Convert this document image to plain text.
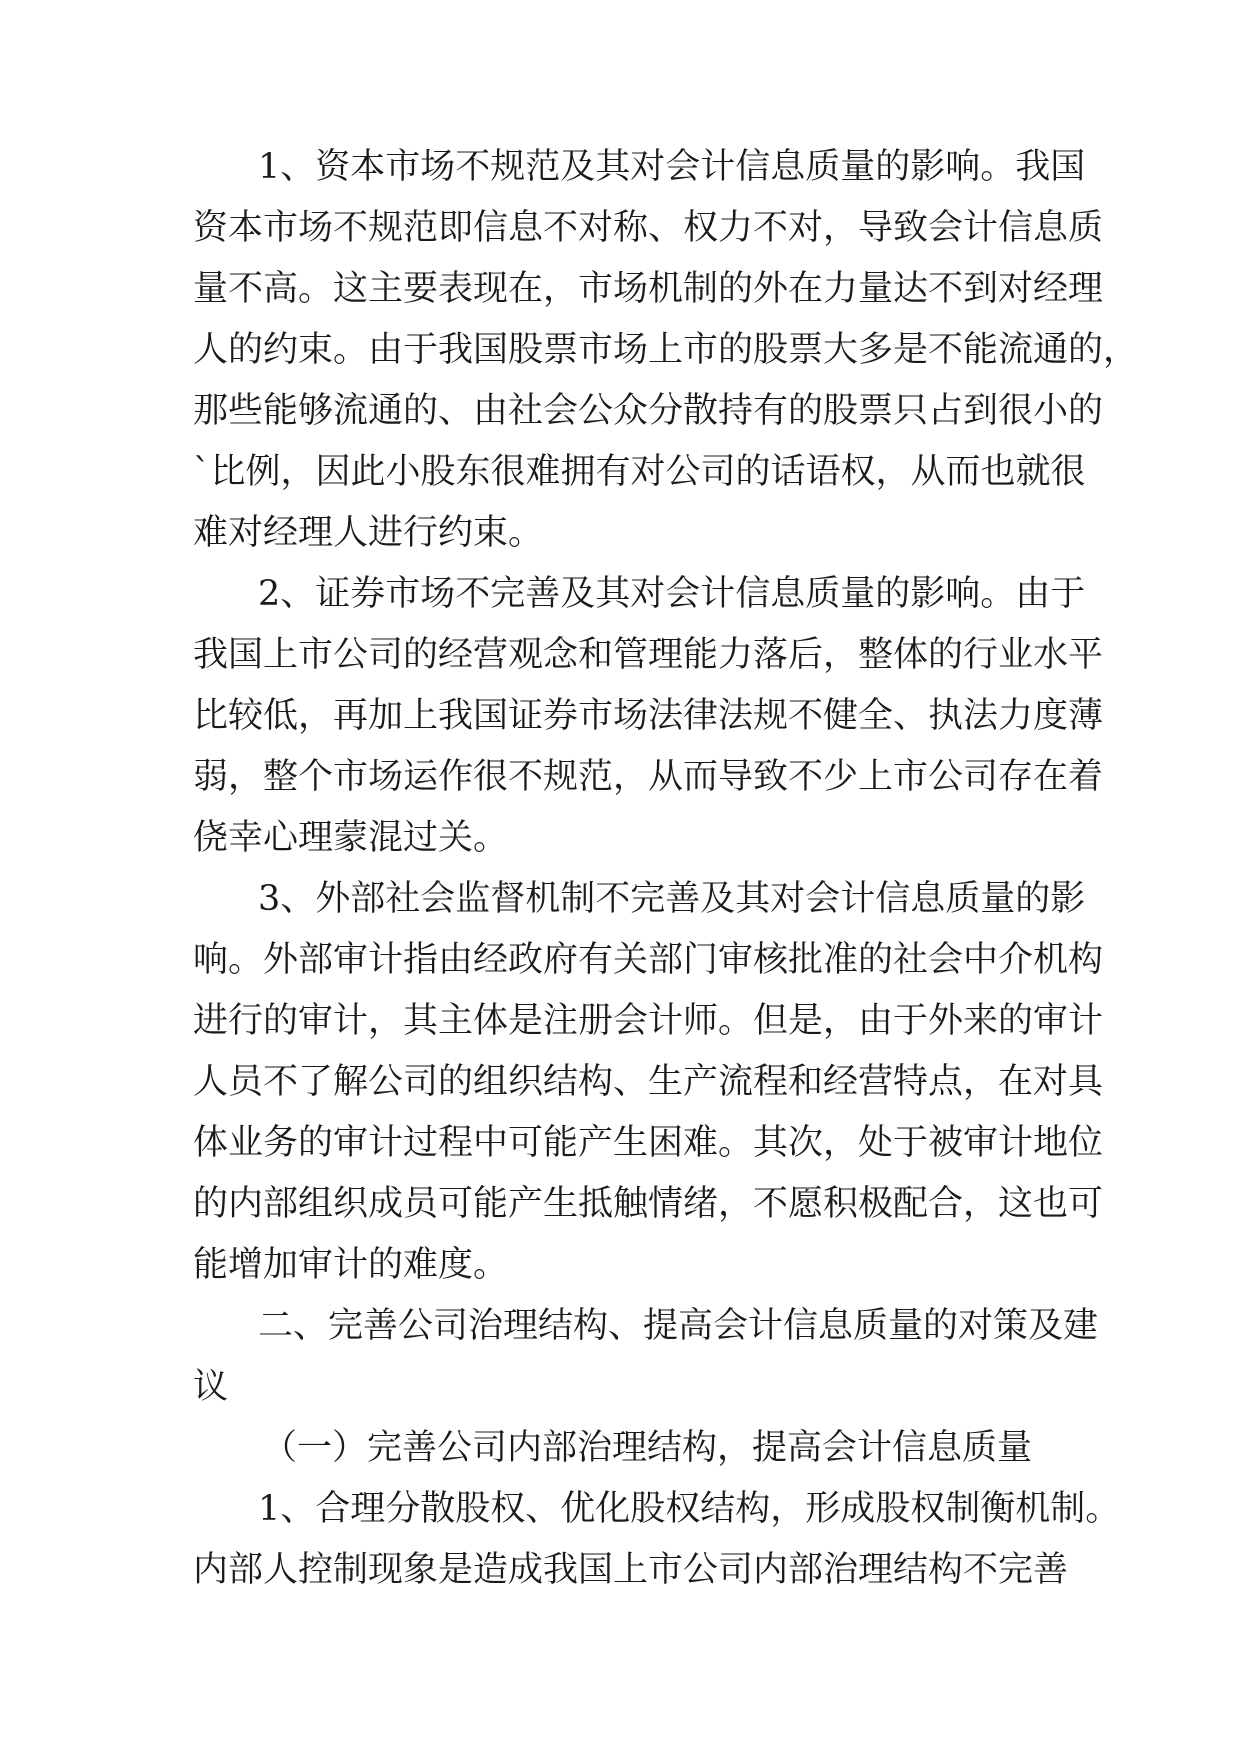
1、资本市场不规范及其对会计信息质量的影响。我国
资本市场不规范即信息不对称、权力不对，导致会计信息质
量不高。这主要表现在，市场机制的外在力量达不到对经理
人的约束。由于我国股票市场上市的股票大多是不能流通的，
那些能够流通的、由社会公众分散持有的股票只占到很小的
`比例，因此小股东很难拥有对公司的话语权，从而也就很
难对经理人进行约束。
2、证券市场不完善及其对会计信息质量的影响。由于
我国上市公司的经营观念和管理能力落后，整体的行业水平
比较低，再加上我国证券市场法律法规不健全、执法力度薄
弱，整个市场运作很不规范，从而导致不少上市公司存在着
侥幸心理蒙混过关。
3、外部社会监督机制不完善及其对会计信息质量的影
响。外部审计指由经政府有关部门审核批准的社会中介机构
进行的审计，其主体是注册会计师。但是，由于外来的审计
人员不了解公司的组织结构、生产流程和经营特点，在对具
体业务的审计过程中可能产生困难。其次，处于被审计地位
的内部组织成员可能产生抵触情绪，不愿积极配合，这也可
能增加审计的难度。
二、完善公司治理结构、提高会计信息质量的对策及建
议
（一）完善公司内部治理结构，提高会计信息质量
1、合理分散股权、优化股权结构，形成股权制衡机制。
内部人控制现象是造成我国上市公司内部治理结构不完善
